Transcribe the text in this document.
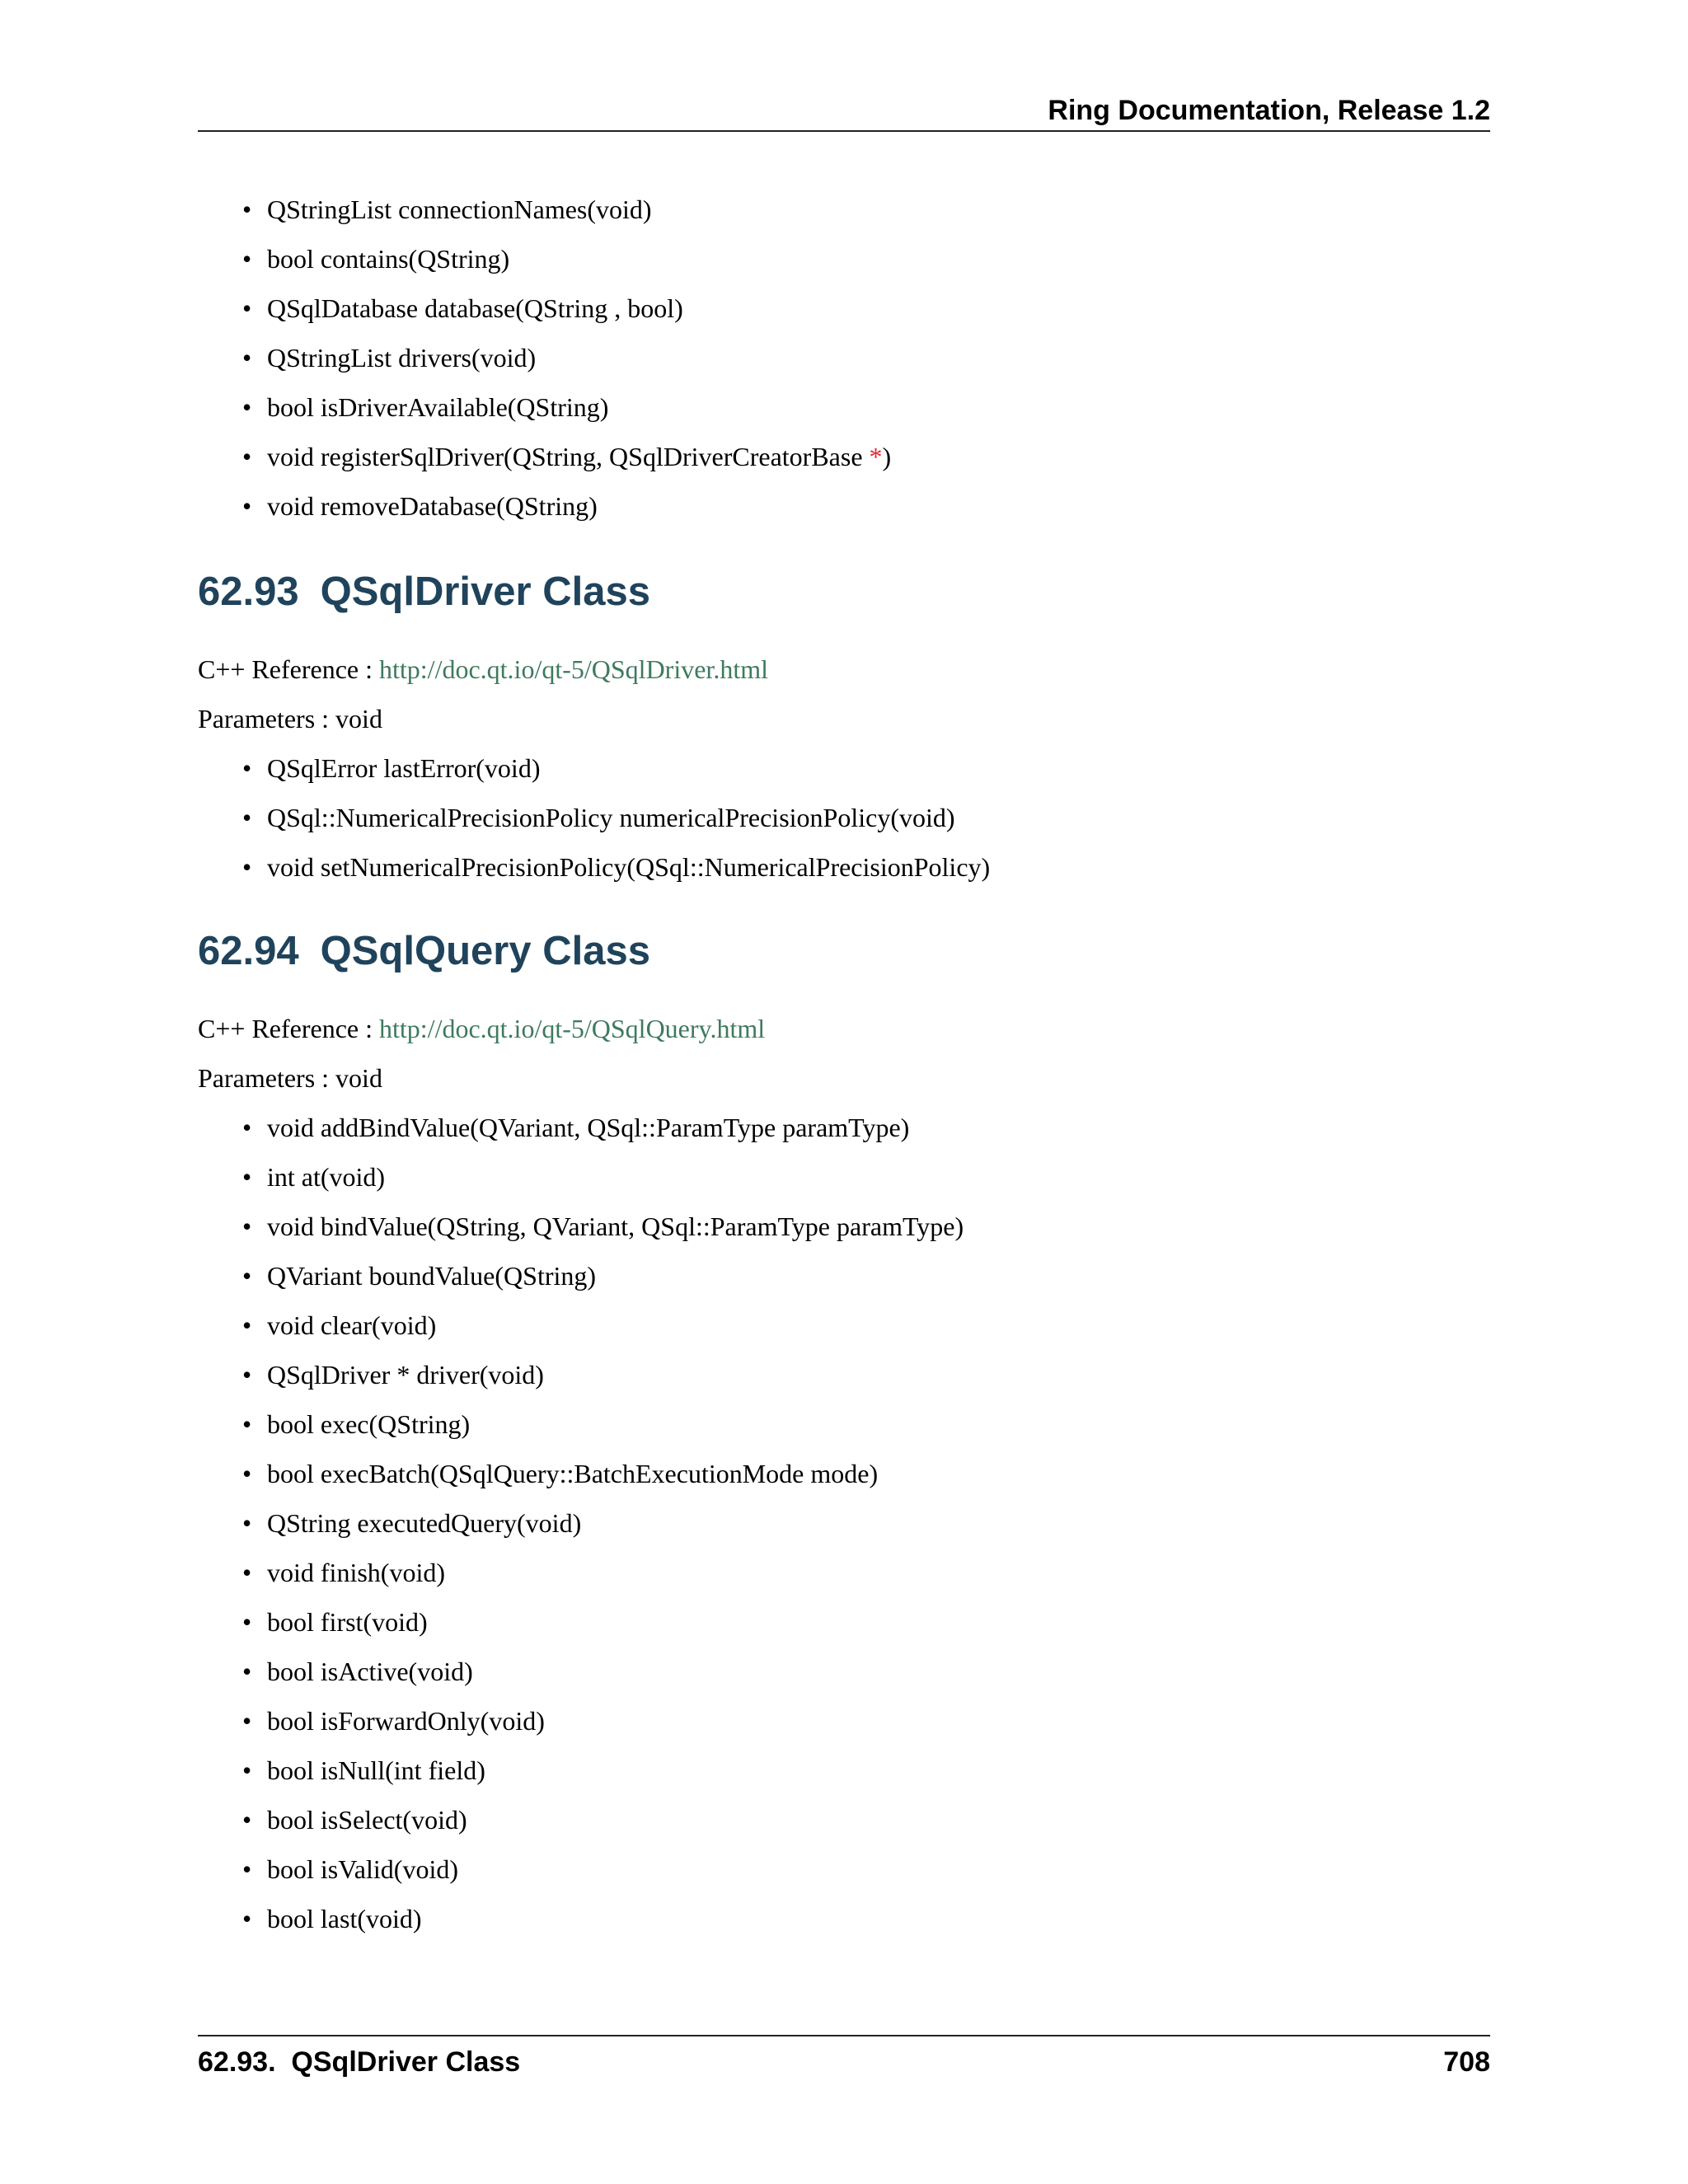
Ring Documentation, Release 1.2
• QStringList connectionNames(void)
• bool contains(QString)
• QSqlDatabase database(QString , bool)
• QStringList drivers(void)
• bool isDriverAvailable(QString)
• void registerSqlDriver(QString, QSqlDriverCreatorBase *)
• void removeDatabase(QString)
62.93 QSqlDriver Class

C++ Reference : http://doc.qt.io/qt-5/QSqlDriver.html

Parameters : void

• QSqlError lastError(void)
• QSql::NumericalPrecisionPolicy numericalPrecisionPolicy(void)
• void setNumericalPrecisionPolicy(QSql::NumericalPrecisionPolicy)
62.94 QSqlQuery Class

C++ Reference : http://doc.qt.io/qt-5/QSqlQuery.html

Parameters : void

• void addBindValue(QVariant, QSql::ParamType paramType)
• int at(void)
• void bindValue(QString, QVariant, QSql::ParamType paramType)
• QVariant boundValue(QString)
• void clear(void)
• QSqlDriver * driver(void)
• bool exec(QString)
• bool execBatch(QSqlQuery::BatchExecutionMode mode)
• QString executedQuery(void)
• void finish(void)
• bool first(void)
• bool isActive(void)
• bool isForwardOnly(void)
• bool isNull(int field)
• bool isSelect(void)
• bool isValid(void)
• bool last(void)
62.93.  QSqlDriver Class	708
